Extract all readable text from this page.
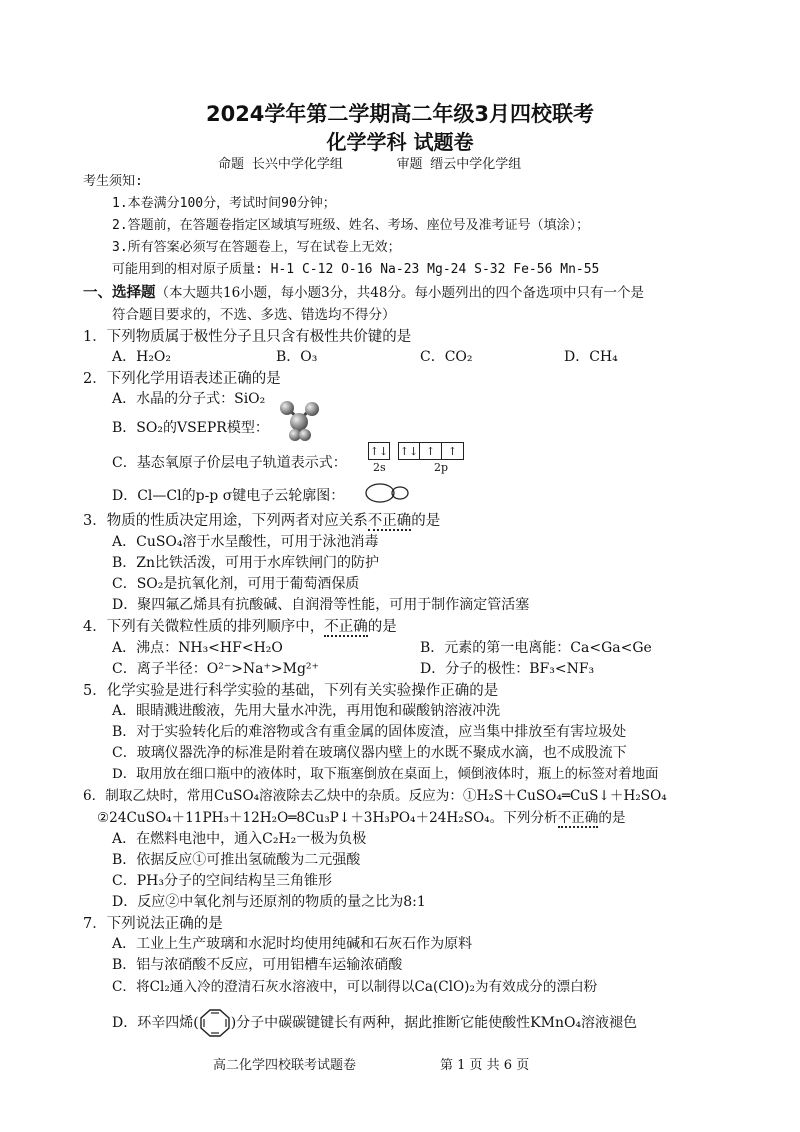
2024学年第二学期高二年级3月四校联考
化学学科 试题卷
命题 长兴中学化学组	审题 缙云中学化学组
考生须知:
1.本卷满分100分，考试时间90分钟；
2.答题前，在答题卷指定区域填写班级、姓名、考场、座位号及准考证号（填涂）；
3.所有答案必须写在答题卷上，写在试卷上无效；
可能用到的相对原子质量: H-1 C-12 O-16 Na-23 Mg-24 S-32 Fe-56 Mn-55
一、选择题（本大题共16小题，每小题3分，共48分。每小题列出的四个备选项中只有一个是
符合题目要求的，不选、多选、错选均不得分）
1．下列物质属于极性分子且只含有极性共价键的是
A．H₂O₂	B．O₃	C．CO₂	D．CH₄
2．下列化学用语表述正确的是
A．水晶的分子式：SiO₂
B．SO₂的VSEPR模型：
C．基态氧原子价层电子轨道表示式：
↑↓ ↑↓ ↑	↑
2s	2p
D．Cl—Cl的p-p σ键电子云轮廓图：
3．物质的性质决定用途，下列两者对应关系不正确的是
A．CuSO₄溶于水呈酸性，可用于泳池消毒
B．Zn比铁活泼，可用于水库铁闸门的防护
C．SO₂是抗氧化剂，可用于葡萄酒保质
D．聚四氟乙烯具有抗酸碱、自润滑等性能，可用于制作滴定管活塞
4．下列有关微粒性质的排列顺序中，不正确的是
A．沸点：NH₃<HF<H₂O	B．元素的第一电离能：Ca<Ga<Ge
C．离子半径：O²⁻>Na⁺>Mg²⁺	D．分子的极性：BF₃<NF₃
5．化学实验是进行科学实验的基础，下列有关实验操作正确的是
A．眼睛溅进酸液，先用大量水冲洗，再用饱和碳酸钠溶液冲洗
B．对于实验转化后的难溶物或含有重金属的固体废渣，应当集中排放至有害垃圾处
C．玻璃仪器洗净的标准是附着在玻璃仪器内壁上的水既不聚成水滴，也不成股流下
D．取用放在细口瓶中的液体时，取下瓶塞倒放在桌面上，倾倒液体时，瓶上的标签对着地面
6．制取乙炔时，常用CuSO₄溶液除去乙炔中的杂质。反应为：①H₂S＋CuSO₄═CuS↓＋H₂SO₄
②24CuSO₄＋11PH₃＋12H₂O═8Cu₃P↓＋3H₃PO₄＋24H₂SO₄。下列分析不正确的是
A．在燃料电池中，通入C₂H₂一极为负极
B．依据反应①可推出氢硫酸为二元强酸
C．PH₃分子的空间结构呈三角锥形
D．反应②中氧化剂与还原剂的物质的量之比为8:1
7．下列说法正确的是
A．工业上生产玻璃和水泥时均使用纯碱和石灰石作为原料
B．铝与浓硝酸不反应，可用铝槽车运输浓硝酸
C．将Cl₂通入冷的澄清石灰水溶液中，可以制得以Ca(ClO)₂为有效成分的漂白粉
D．环辛四烯( )分子中碳碳键键长有两种，据此推断它能使酸性KMnO₄溶液褪色
高二化学四校联考试题卷	第 1 页 共 6 页
